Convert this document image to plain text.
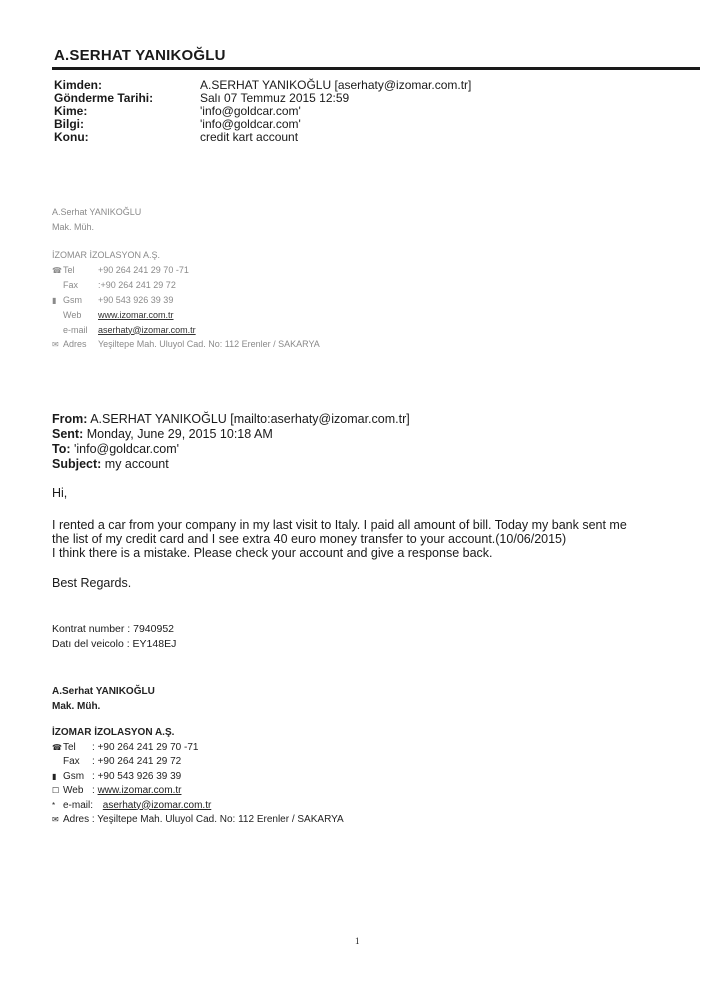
A.SERHAT YANIKOĞLU
Kimden:	A.SERHAT YANIKOĞLU [aserhaty@izomar.com.tr]
Gönderme Tarihi:	Salı 07 Temmuz 2015 12:59
Kime:	'info@goldcar.com'
Bilgi:	'info@goldcar.com'
Konu:	credit kart account
A.Serhat YANIKOĞLU
Mak. Müh.
İZOMAR İZOLASYON A.Ş.
☎Tel	+90 264 241 29 70 -71
Fax :+90 264 241 29 72
▮ Gsm +90 543 926 39 39
Web www.izomar.com.tr
e-mail aserhaty@izomar.com.tr
✉ Adres Yeşiltepe Mah. Uluyol Cad. No: 112 Erenler / SAKARYA
From: A.SERHAT YANIKOĞLU [mailto:aserhaty@izomar.com.tr]
Sent: Monday, June 29, 2015 10:18 AM
To: 'info@goldcar.com'
Subject: my account
Hi,
I rented a car from your company in my last visit to Italy. I paid all amount of bill. Today my bank sent me
the list of my credit card and I see extra 40 euro money transfer to your account.(10/06/2015)
I think there is a mistake. Please check your account and give a response back.
Best Regards.
Kontrat number : 7940952
Datı del veicolo : EY148EJ
A.Serhat YANIKOĞLU
Mak. Müh.
İZOMAR İZOLASYON A.Ş.
☎Tel : +90 264 241 29 70 -71
Fax : +90 264 241 29 72
▮ Gsm : +90 543 926 39 39
☐ Web : www.izomar.com.tr
* e-mail: aserhaty@izomar.com.tr
✉ Adres : Yeşiltepe Mah. Uluyol Cad. No: 112 Erenler / SAKARYA
1
